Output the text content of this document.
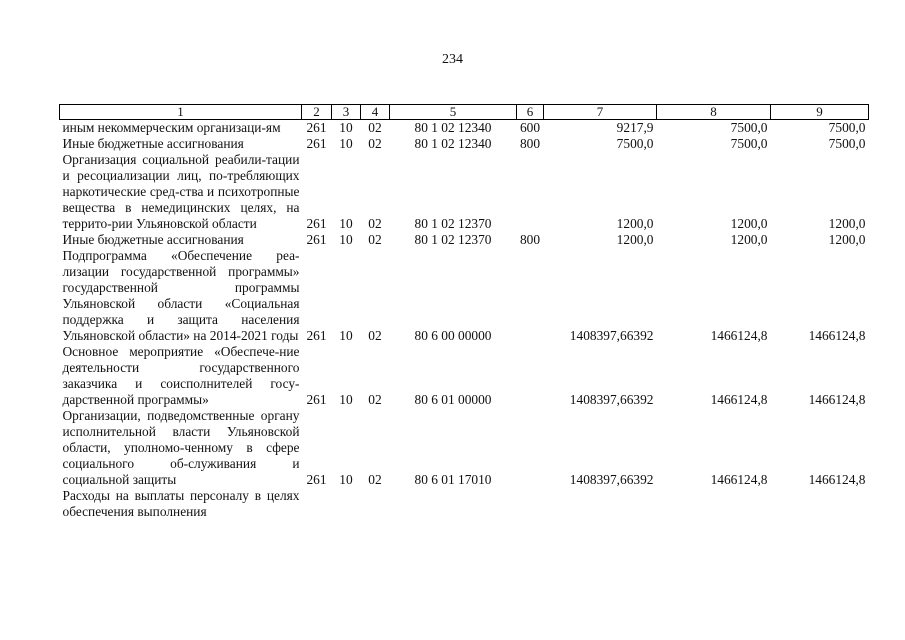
234
1	2	3	4	5	6	7	8	9
иным некоммерческим организаци-ям	261	10	02	80 1 02 12340	600	9217,9	7500,0	7500,0
Иные бюджетные ассигнования	261	10	02	80 1 02 12340	800	7500,0	7500,0	7500,0
Организация социальной реабили-тации и ресоциализации лиц, по-требляющих наркотические сред-ства и психотропные вещества в немедицинских целях, на террито-рии Ульяновской области	261	10	02	80 1 02 12370		1200,0	1200,0	1200,0
Иные бюджетные ассигнования	261	10	02	80 1 02 12370	800	1200,0	1200,0	1200,0
Подпрограмма «Обеспечение реа-лизации государственной программы» государственной программы Ульяновской области «Социальная поддержка и защита населения Ульяновской области» на 2014-2021 годы	261	10	02	80 6 00 00000		1408397,66392	1466124,8	1466124,8
Основное мероприятие «Обеспече-ние деятельности государственного заказчика и соисполнителей госу-дарственной программы»	261	10	02	80 6 01 00000		1408397,66392	1466124,8	1466124,8
Организации, подведомственные органу исполнительной власти Ульяновской области, уполномо-ченному в сфере социального об-служивания и социальной защиты	261	10	02	80 6 01 17010		1408397,66392	1466124,8	1466124,8
Расходы на выплаты персоналу в целях обеспечения выполнения								
